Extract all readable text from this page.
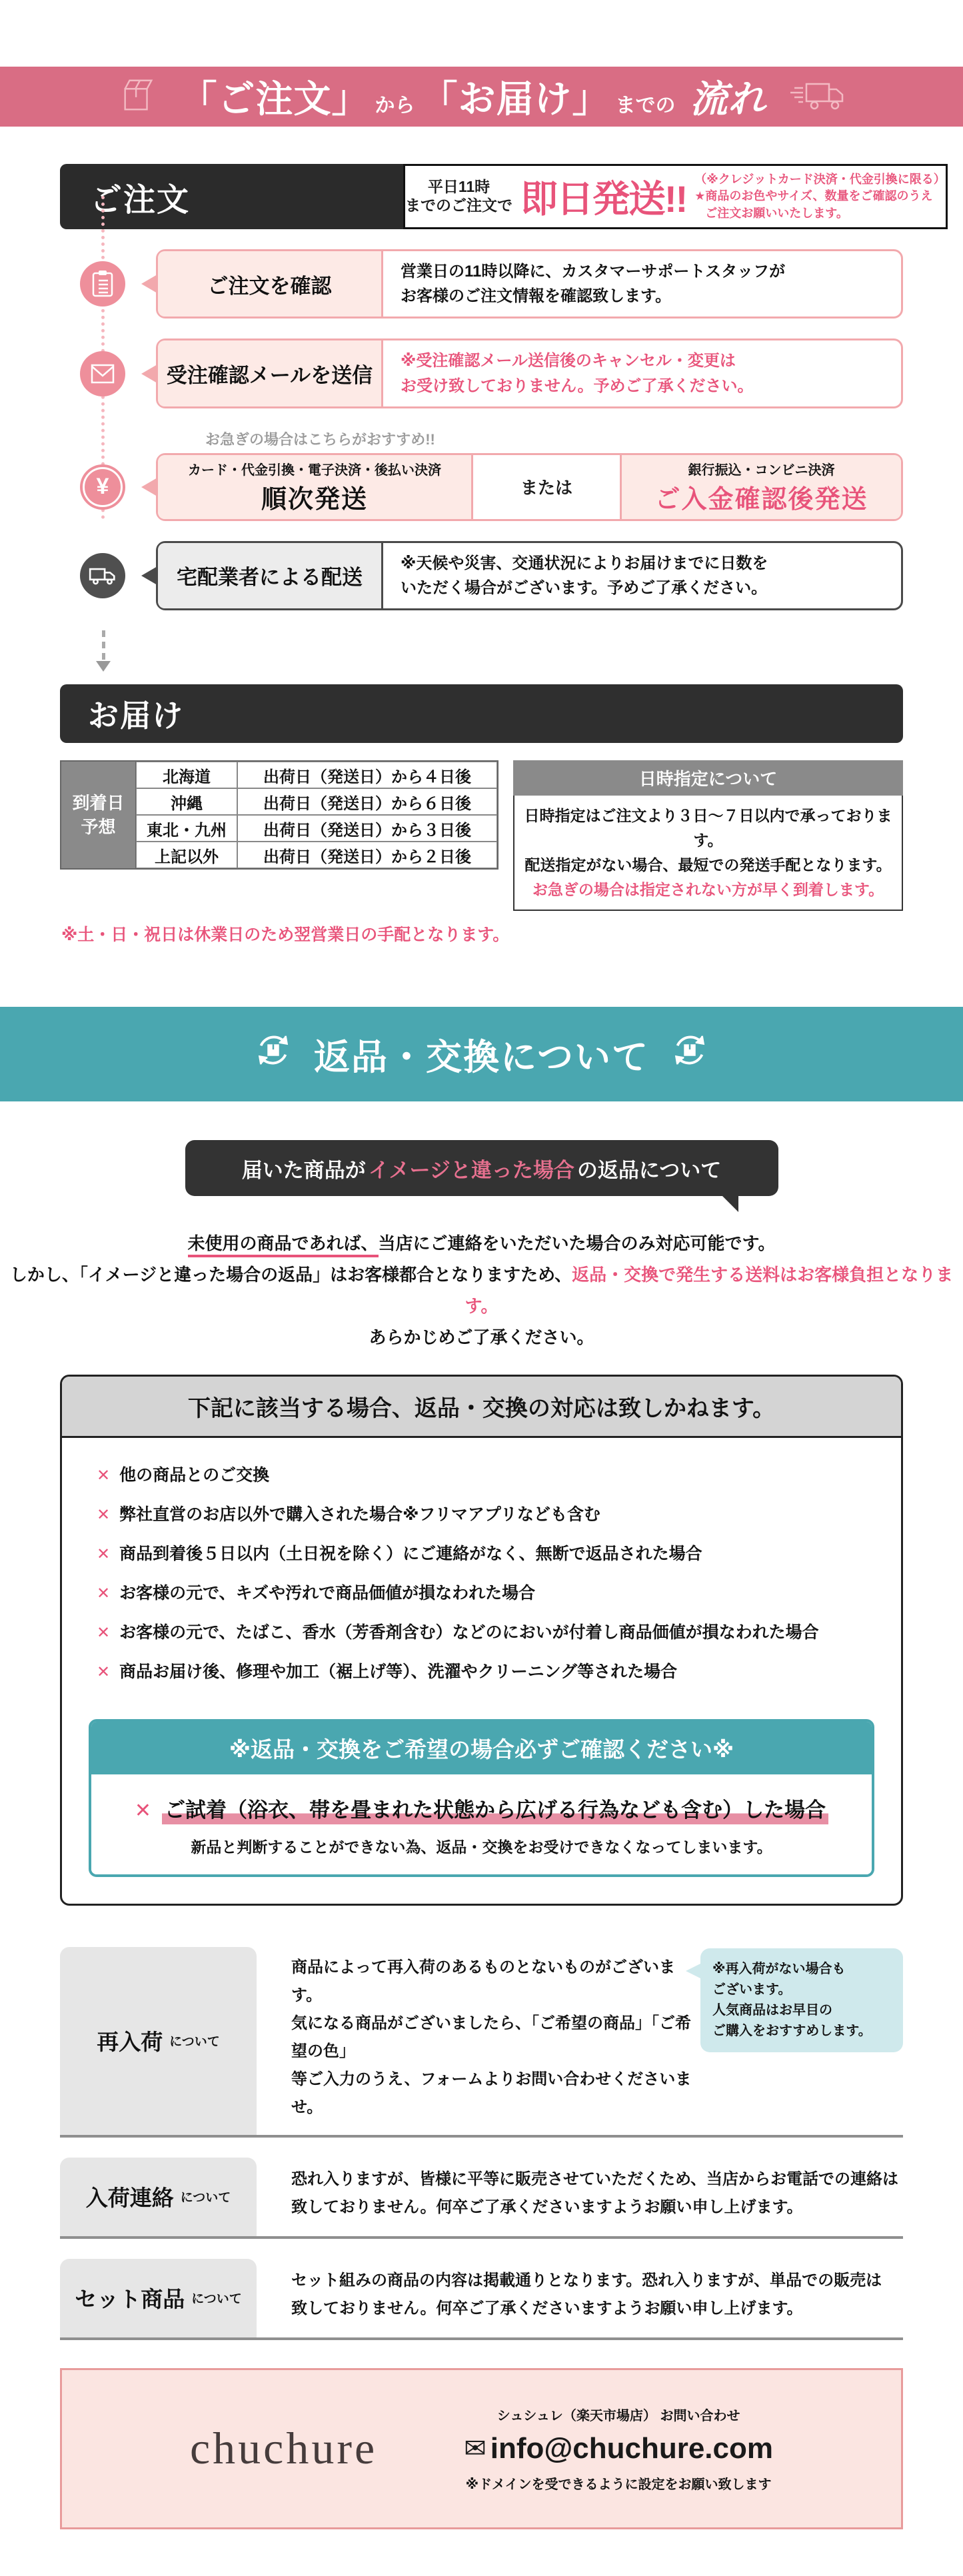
「ご注文」 から 「お届け」 までの 流れ
ご注文	平日11時
までのご注文で 即日発送!! （※クレジットカード決済・代金引換に限る）
★商品のお色やサイズ、数量をご確認のうえ
ご注文お願いいたします。
ご注文を確認
営業日の11時以降に、カスタマーサポートスタッフが
お客様のご注文情報を確認致します。
受注確認メールを送信
※受注確認メール送信後のキャンセル・変更は
お受け致しておりません。予めご了承ください。
お急ぎの場合はこちらがおすすめ!!
¥
カード・代金引換・電子決済・後払い決済
順次発送	または
銀行振込・コンビニ決済
ご入金確認後発送
宅配業者による配送
※天候や災害、交通状況によりお届けまでに日数を
いただく場合がございます。予めご了承ください。
お届け
到着日
予想
北海道	出荷日（発送日）から４日後
沖縄	出荷日（発送日）から６日後
東北・九州	出荷日（発送日）から３日後
上記以外	出荷日（発送日）から２日後
日時指定について
日時指定はご注文より３日〜７日以内で承っております。
配送指定がない場合、最短での発送手配となります。
お急ぎの場合は指定されない方が早く到着します。
※土・日・祝日は休業日のため翌営業日の手配となります。
返品・交換について
届いた商品が イメージと違った場合 の返品について
未使用の商品であれば、当店にご連絡をいただいた場合のみ対応可能です。
しかし、「イメージと違った場合の返品」はお客様都合となりますため、返品・交換で発生する送料はお客様負担となります。
あらかじめご了承ください。
下記に該当する場合、返品・交換の対応は致しかねます。
✕ 他の商品とのご交換
✕ 弊社直営のお店以外で購入された場合※フリマアプリなども含む
✕ 商品到着後５日以内（土日祝を除く）にご連絡がなく、無断で返品された場合
✕ お客様の元で、キズや汚れで商品価値が損なわれた場合
✕ お客様の元で、たばこ、香水（芳香剤含む）などのにおいが付着し商品価値が損なわれた場合
✕ 商品お届け後、修理や加工（裾上げ等）、洗濯やクリーニング等された場合
※返品・交換をご希望の場合必ずご確認ください※
✕ ご試着（浴衣、帯を畳まれた状態から広げる行為なども含む）した場合
新品と判断することができない為、返品・交換をお受けできなくなってしまいます。
再入荷 について
商品によって再入荷のあるものとないものがございます。
気になる商品がございましたら、「ご希望の商品」「ご希望の色」
等ご入力のうえ、フォームよりお問い合わせくださいませ。
※再入荷がない場合も
ございます。
人気商品はお早目の
ご購入をおすすめします。
入荷連絡 について
恐れ入りますが、皆様に平等に販売させていただくため、当店からお電話での連絡は
致しておりません。何卒ご了承くださいますようお願い申し上げます。
セット商品 について
セット組みの商品の内容は掲載通りとなります。恐れ入りますが、単品での販売は
致しておりません。何卒ご了承くださいますようお願い申し上げます。
chuchure
シュシュレ（楽天市場店） お問い合わせ
✉ info@chuchure.com
※ドメインを受できるように設定をお願い致します
